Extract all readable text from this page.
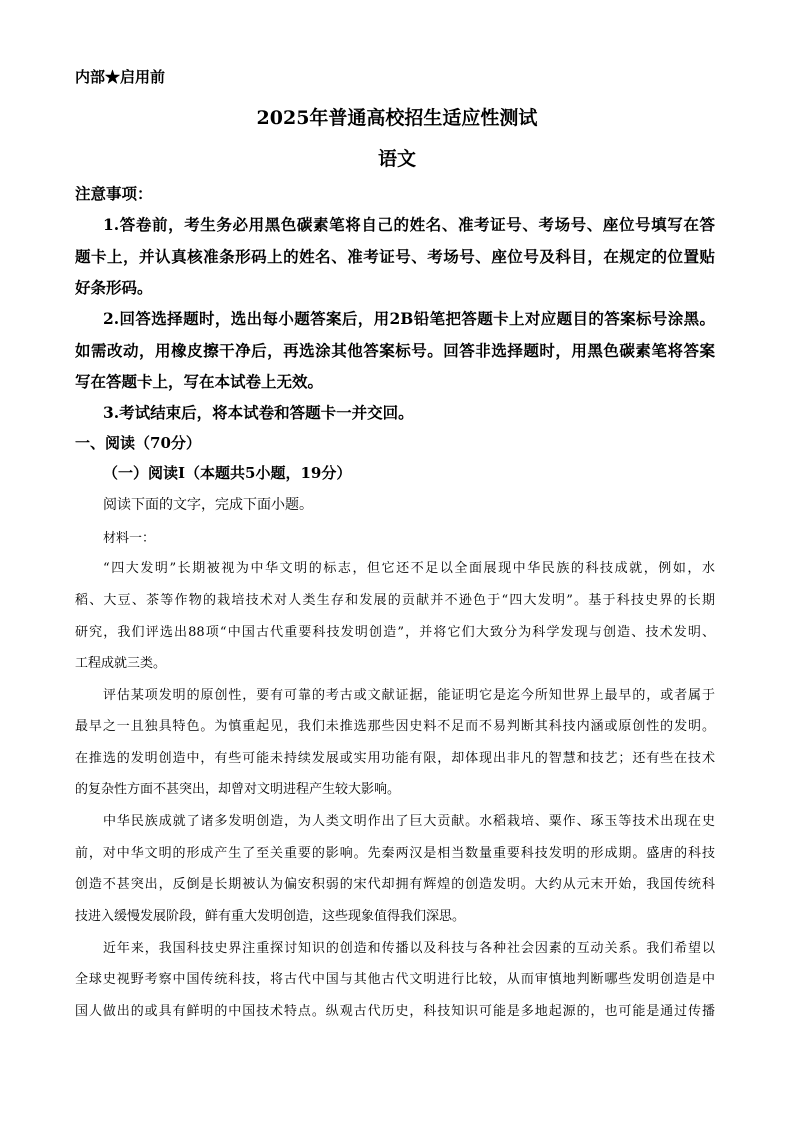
内部★启用前
2025年普通高校招生适应性测试
语文
注意事项：
1.答卷前，考生务必用黑色碳素笔将自己的姓名、准考证号、考场号、座位号填写在答
题卡上，并认真核准条形码上的姓名、准考证号、考场号、座位号及科目，在规定的位置贴
好条形码。
2.回答选择题时，选出每小题答案后，用2B铅笔把答题卡上对应题目的答案标号涂黑。
如需改动，用橡皮擦干净后，再选涂其他答案标号。回答非选择题时，用黑色碳素笔将答案
写在答题卡上，写在本试卷上无效。
3.考试结束后，将本试卷和答题卡一并交回。
一、阅读（70分）
（一）阅读Ⅰ（本题共5小题，19分）
阅读下面的文字，完成下面小题。
材料一：
“四大发明”长期被视为中华文明的标志，但它还不足以全面展现中华民族的科技成就，例如，水
稻、大豆、茶等作物的栽培技术对人类生存和发展的贡献并不逊色于“四大发明”。基于科技史界的长期
研究，我们评选出88项“中国古代重要科技发明创造”，并将它们大致分为科学发现与创造、技术发明、
工程成就三类。
评估某项发明的原创性，要有可靠的考古或文献证据，能证明它是迄今所知世界上最早的，或者属于
最早之一且独具特色。为慎重起见，我们未推选那些因史料不足而不易判断其科技内涵或原创性的发明。
在推选的发明创造中，有些可能未持续发展或实用功能有限，却体现出非凡的智慧和技艺；还有些在技术
的复杂性方面不甚突出，却曾对文明进程产生较大影响。
中华民族成就了诸多发明创造，为人类文明作出了巨大贡献。水稻栽培、粟作、琢玉等技术出现在史
前，对中华文明的形成产生了至关重要的影响。先秦两汉是相当数量重要科技发明的形成期。盛唐的科技
创造不甚突出，反倒是长期被认为偏安积弱的宋代却拥有辉煌的创造发明。大约从元末开始，我国传统科
技进入缓慢发展阶段，鲜有重大发明创造，这些现象值得我们深思。
近年来，我国科技史界注重探讨知识的创造和传播以及科技与各种社会因素的互动关系。我们希望以
全球史视野考察中国传统科技，将古代中国与其他古代文明进行比较，从而审慎地判断哪些发明创造是中
国人做出的或具有鲜明的中国技术特点。纵观古代历史，科技知识可能是多地起源的，也可能是通过传播
